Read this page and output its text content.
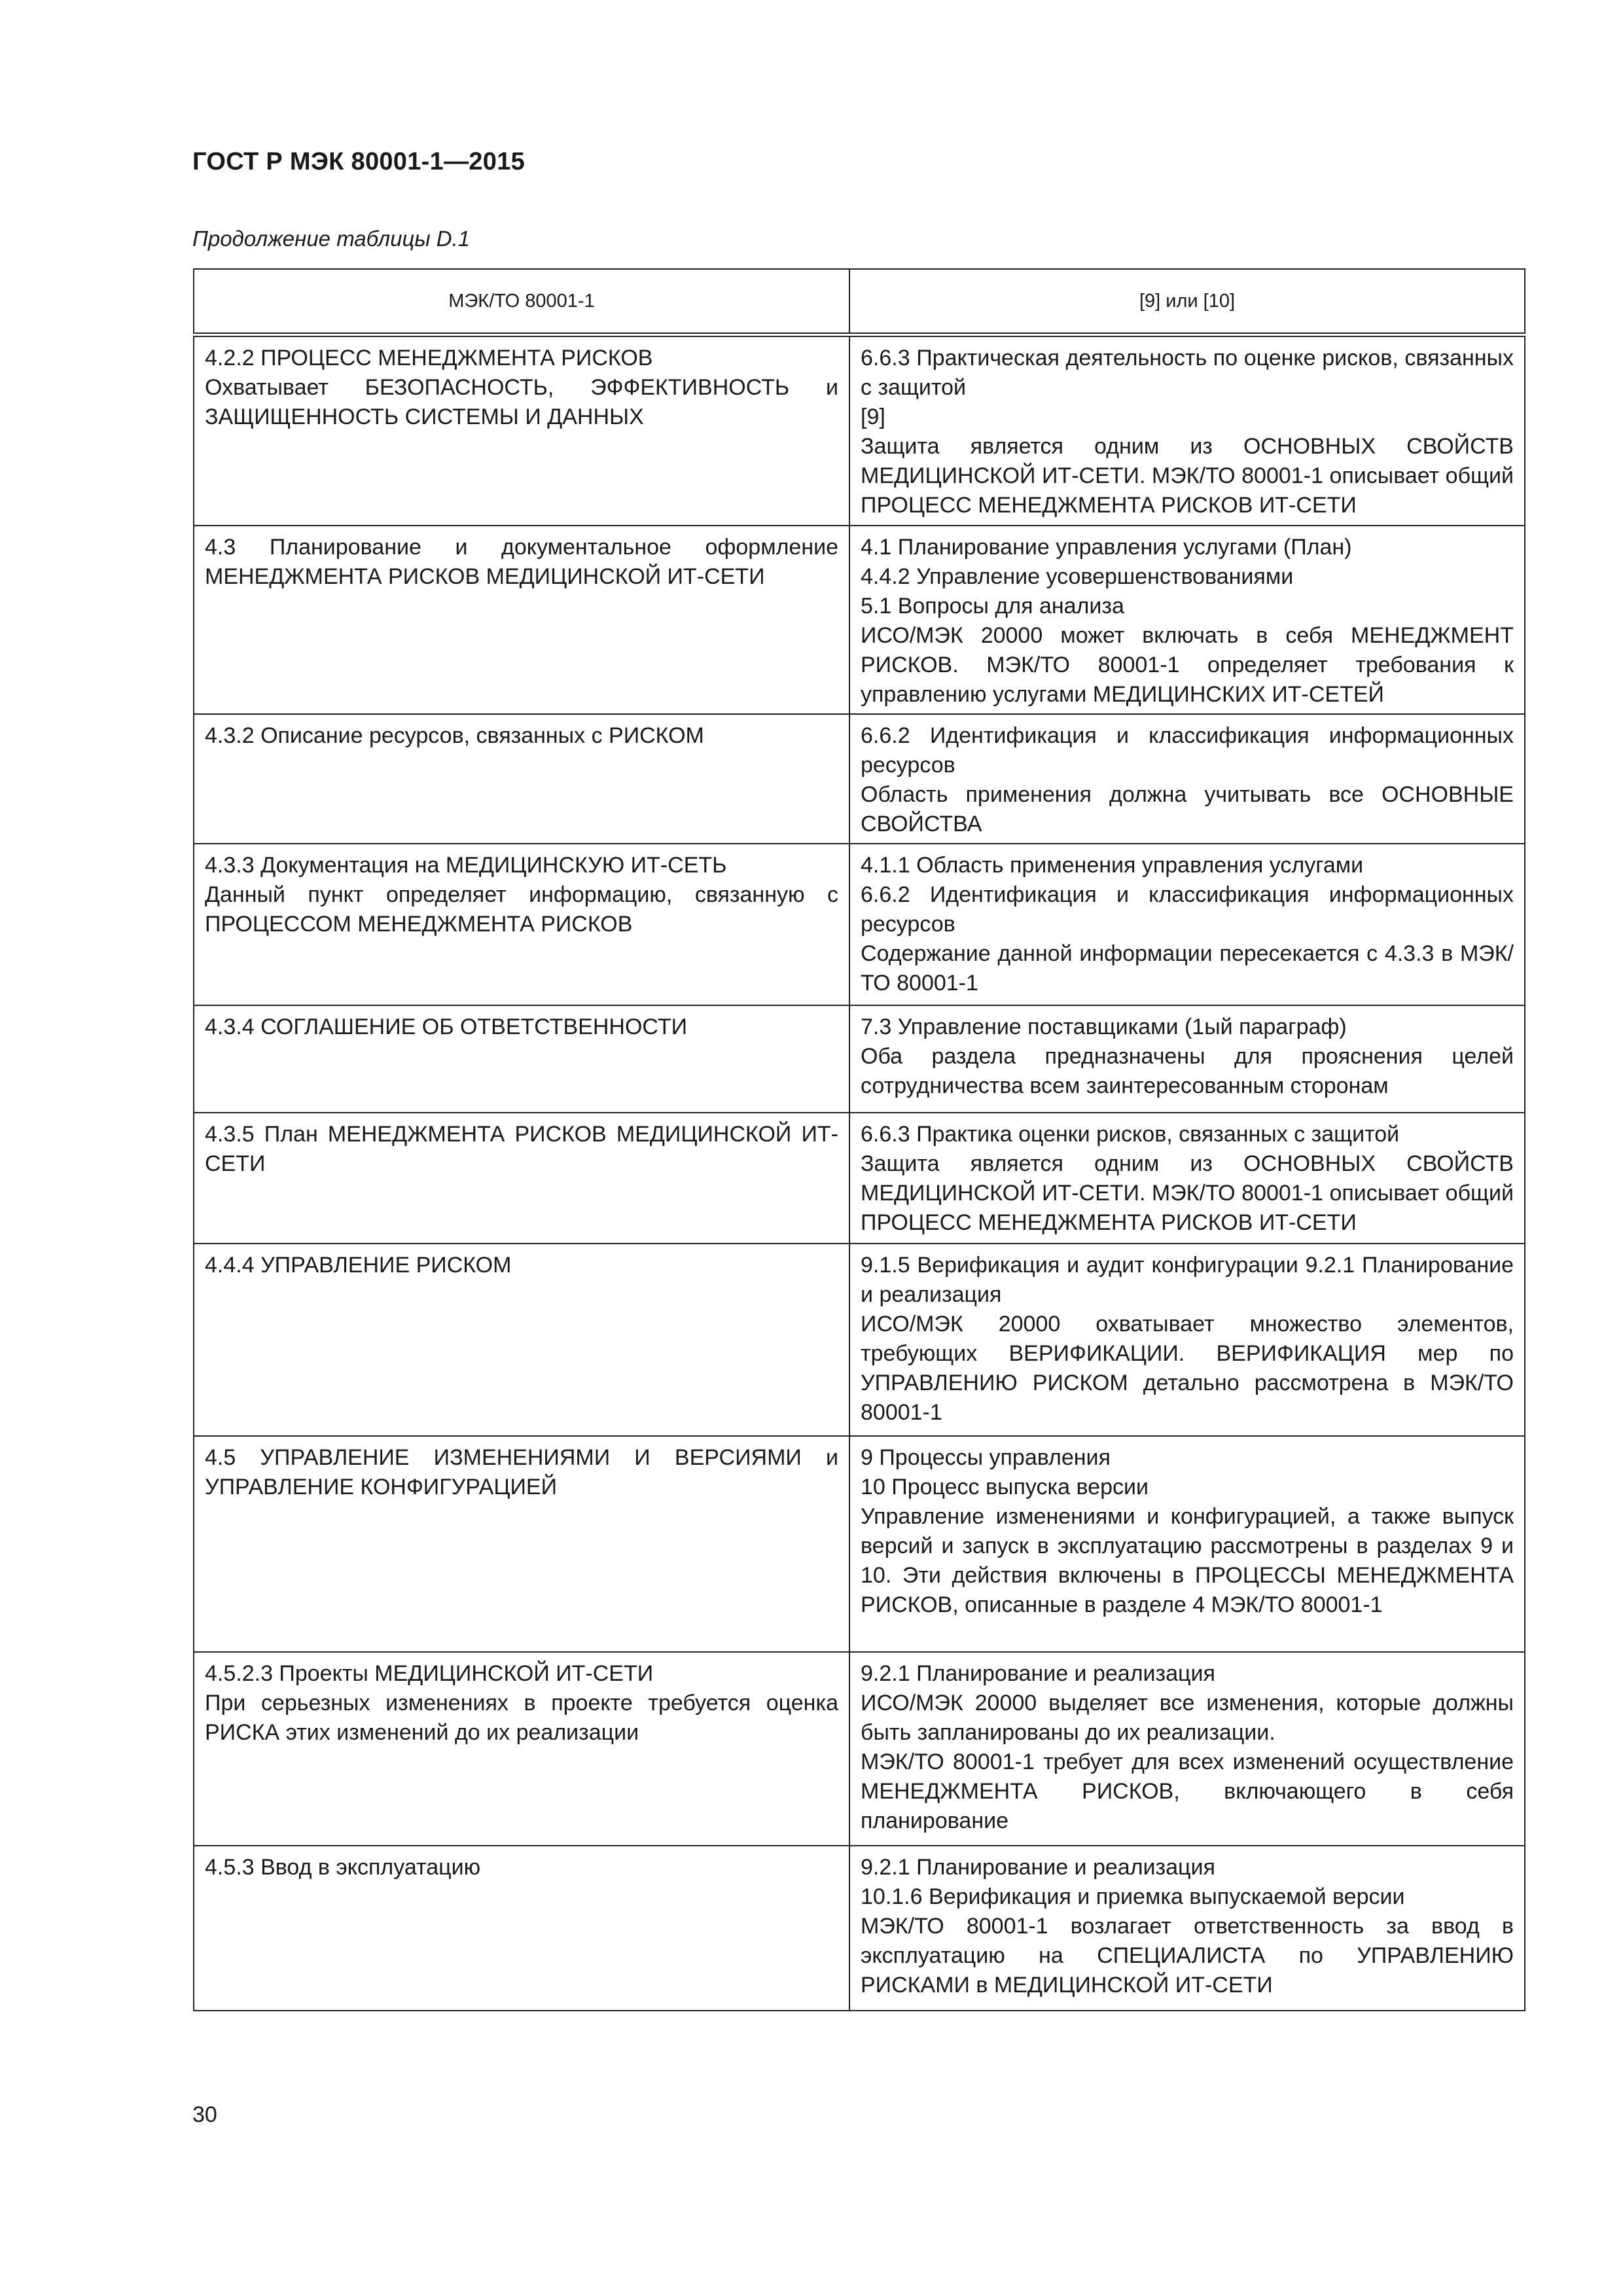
ГОСТ Р МЭК 80001-1—2015
Продолжение таблицы D.1
МЭК/ТО 80001-1	[9] или [10]

4.2.2 ПРОЦЕСС МЕНЕДЖМЕНТА РИСКОВ
Охватывает БЕЗОПАСНОСТЬ, ЭФФЕКТИВНОСТЬ и ЗАЩИЩЕННОСТЬ СИСТЕМЫ И ДАННЫХ	6.6.3 Практическая деятельность по оценке рисков, связанных с защитой
[9]
Защита является одним из ОСНОВНЫХ СВОЙСТВ МЕДИЦИНСКОЙ ИТ-СЕТИ. МЭК/ТО 80001-1 описывает общий ПРОЦЕСС МЕНЕДЖМЕНТА РИСКОВ ИТ-СЕТИ

4.3 Планирование и документальное оформление МЕНЕДЖМЕНТА РИСКОВ МЕДИЦИНСКОЙ ИТ-СЕТИ	4.1 Планирование управления услугами (План)
4.4.2 Управление усовершенствованиями
5.1 Вопросы для анализа
ИСО/МЭК 20000 может включать в себя МЕНЕДЖМЕНТ РИСКОВ. МЭК/ТО 80001-1 определяет требования к управлению услугами МЕДИЦИНСКИХ ИТ-СЕТЕЙ

4.3.2 Описание ресурсов, связанных с РИСКОМ	6.6.2 Идентификация и классификация информационных ресурсов
Область применения должна учитывать все ОСНОВНЫЕ СВОЙСТВА

4.3.3 Документация на МЕДИЦИНСКУЮ ИТ-СЕТЬ
Данный пункт определяет информацию, связанную с ПРОЦЕССОМ МЕНЕДЖМЕНТА РИСКОВ	4.1.1 Область применения управления услугами
6.6.2 Идентификация и классификация информационных ресурсов
Содержание данной информации пересекается с 4.3.3 в МЭК/ТО 80001-1

4.3.4 СОГЛАШЕНИЕ ОБ ОТВЕТСТВЕННОСТИ	7.3 Управление поставщиками (1ый параграф)
Оба раздела предназначены для прояснения целей сотрудничества всем заинтересованным сторонам

4.3.5 План МЕНЕДЖМЕНТА РИСКОВ МЕДИЦИНСКОЙ ИТ-СЕТИ	6.6.3 Практика оценки рисков, связанных с защитой
Защита является одним из ОСНОВНЫХ СВОЙСТВ МЕДИЦИНСКОЙ ИТ-СЕТИ. МЭК/ТО 80001-1 описывает общий ПРОЦЕСС МЕНЕДЖМЕНТА РИСКОВ ИТ-СЕТИ

4.4.4 УПРАВЛЕНИЕ РИСКОМ	9.1.5 Верификация и аудит конфигурации 9.2.1 Планирование и реализация
ИСО/МЭК 20000 охватывает множество элементов, требующих ВЕРИФИКАЦИИ. ВЕРИФИКАЦИЯ мер по УПРАВЛЕНИЮ РИСКОМ детально рассмотрена в МЭК/ТО 80001-1

4.5 УПРАВЛЕНИЕ ИЗМЕНЕНИЯМИ И ВЕРСИЯМИ и УПРАВЛЕНИЕ КОНФИГУРАЦИЕЙ	9 Процессы управления
10 Процесс выпуска версии
Управление изменениями и конфигурацией, а также выпуск версий и запуск в эксплуатацию рассмотрены в разделах 9 и 10. Эти действия включены в ПРОЦЕССЫ МЕНЕДЖМЕНТА РИСКОВ, описанные в разделе 4 МЭК/ТО 80001-1

4.5.2.3 Проекты МЕДИЦИНСКОЙ ИТ-СЕТИ
При серьезных изменениях в проекте требуется оценка РИСКА этих изменений до их реализации	9.2.1 Планирование и реализация
ИСО/МЭК 20000 выделяет все изменения, которые должны быть запланированы до их реализации.
МЭК/ТО 80001-1 требует для всех изменений осуществление МЕНЕДЖМЕНТА РИСКОВ, включающего в себя планирование

4.5.3 Ввод в эксплуатацию	9.2.1 Планирование и реализация
10.1.6 Верификация и приемка выпускаемой версии
МЭК/ТО 80001-1 возлагает ответственность за ввод в эксплуатацию на СПЕЦИАЛИСТА по УПРАВЛЕНИЮ РИСКАМИ в МЕДИЦИНСКОЙ ИТ-СЕТИ
30
